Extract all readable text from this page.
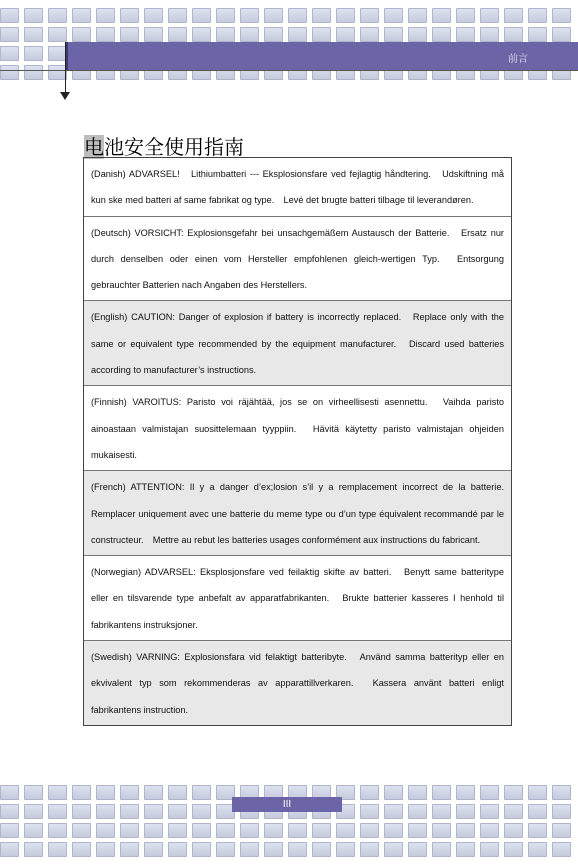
前言
电池安全使用指南
(Danish) ADVARSEL!　Lithiumbatteri --- Eksplosionsfare ved fejlagtig håndtering.　Udskiftning må kun ske med batteri af same fabrikat og type.　Levé det brugte batteri tilbage til leverandøren.
(Deutsch) VORSICHT: Explosionsgefahr bei unsachgemäßem Austausch der Batterie.　Ersatz nur durch denselben oder einen vom Hersteller empfohlenen gleich-wertigen Typ.　Entsorgung gebrauchter Batterien nach Angaben des Herstellers.
(English) CAUTION: Danger of explosion if battery is incorrectly replaced.　Replace only with the same or equivalent type recommended by the equipment manufacturer.　Discard used batteries according to manufacturer’s instructions.
(Finnish) VAROITUS: Paristo voi räjähtää, jos se on virheellisesti asennettu.　Vaihda paristo ainoastaan valmistajan suosittelemaan tyyppiin.　Hävitä käytetty paristo valmistajan ohjeiden mukaisesti.
(French) ATTENTION: Il y a danger d’ex;losion s’il y a remplacement incorrect de la batterie.　Remplacer uniquement avec une batterie du meme type ou d’un type équivalent recommandé par le constructeur.　Mettre au rebut les batteries usages conformément aux instructions du fabricant.
(Norwegian) ADVARSEL: Eksplosjonsfare ved feilaktig skifte av batteri.　Benytt same batteritype eller en tilsvarende type anbefalt av apparatfabrikanten.　Brukte batterier kasseres I henhold til fabrikantens instruksjoner.
(Swedish) VARNING: Explosionsfara vid felaktigt batteribyte.　Använd samma batterityp eller en ekvivalent typ som rekommenderas av apparattillverkaren.　Kassera använt batteri enligt fabrikantens instruction.
III
